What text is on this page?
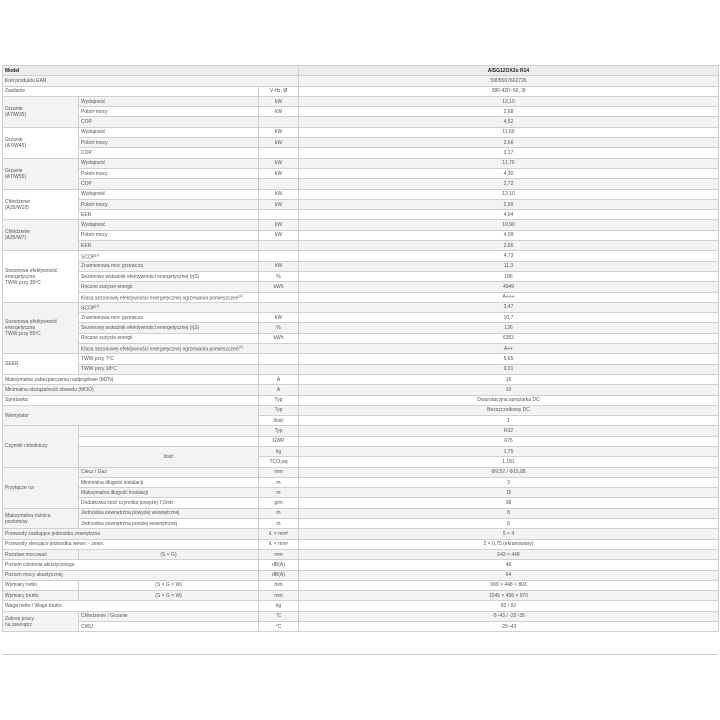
Model			AISG12OX3o R14
Kod produktu EAN			5905567602726
Zasilanie		V-Hz, Ø	380-420~50, 3f
Grzanie
(A7/W35)	Wydajność	kW	12,10
	Pobór mocy	kW	2,68
	COP		4,52
Grzanie
(A7/W45)	Wydajność	kW	11,60
	Pobór mocy	kW	3,66
	COP		3,17
Grzanie
(A7/W55)	Wydajność	kW	11,70
	Pobór mocy	kW	4,30
	COP		2,72
Chłodzenie
(A35/W18)	Wydajność	kW	12,10
	Pobór mocy	kW	2,99
	EER		4,04
Chłodzenie
(A35/W7)	Wydajność	kW	10,90
	Pobór mocy	kW	4,09
	EER		2,66
Sezonowa efektywność
energetyczna
TWW przy 35ºC	SCOP$^{(1)}$		4,73
	Znamionowa moc grzewcza	kW	11,3
	Sezonowy wskaźnik efektywności energetycznej (ηS)	%	186
	Roczne zużycie energii	kWh	4949
	Klasa sezonowej efektywności energetycznej ogrzewania pomieszczeń$^{(2)}$		A+++
Sezonowa efektywność
energetyczna
TWW przy 55ºC	SCOP$^{(1)}$		3,47
	Znamionowa moc grzewcza	kW	10,7
	Sezonowy wskaźnik efektywności energetycznej (ηS)	%	136
	Roczne zużycie energii	kWh	6353
	Klasa sezonowej efektywności energetycznej ogrzewania pomieszczeń$^{(2)}$		A++
SEER	TWW przy 7ºC		5,65
	TWW przy 18ºC		9,01
Maksymalne zabezpieczenia nadprądowe (MZN)		A	16
Minimalna obciążalność obwodu (MOO)		A	10
Sprężarka		Typ	Dwurotacyjna sprężarka DC
Wentylator		Typ	Bezszczotkowy DC
		Ilość	1
Czynnik chłodniczy		Typ	R32
		GWP	675
	Ilość	kg	1,75
		TCO₂eq	1,181
Przyłącze rur	Ciecz / Gaz	mm	Φ9,52 / Φ15,88
	Minimalna długość instalacji	m	3
	Maksymalna długość instalacji	m	15
	Dodatkowa ilość czynnika powyżej 7,5mb	g/m	38
Maksymalna różnica
poziomów	Jednostka zewnętrzna powyżej wewnętrznej	m	8
	Jednostka zewnętrzna poniżej wewnętrznej	m	8
Przewody zasilające jednostka zewnętrzna		il. × mm²	5 × 4
Przewody sterujące jednostka wewn. - zewn.		il. × mm²	2 × 0,75 (ekranowany)
Rozstaw mocowań	(S × G)	mm	643 × 448
Poziom ciśnienia akustycznego		dB(A)	46
Poziom mocy akustycznej		dB(A)	64
Wymiary netto	(S × G × W)	mm	999 × 448 × 803
Wymiary brutto	(S × G × W)	mm	1045 × 458 × 970
Waga netto / Waga brutto		kg	83 / 92
Zakres pracy
na zewnątrz	Chłodzenie / Grzanie	°C	-5~43 / -25~35
	CWU	°C	-25~43
